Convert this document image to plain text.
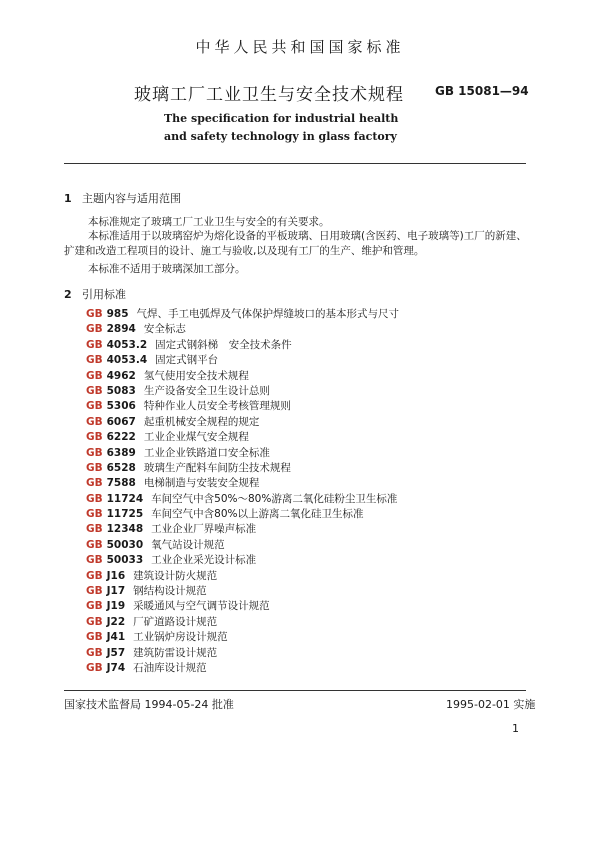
中华人民共和国国家标准
玻璃工厂工业卫生与安全技术规程	GB 15081—94
The specification for industrial health
and safety technology in glass factory
1 主题内容与适用范围
本标准规定了玻璃工厂工业卫生与安全的有关要求。
本标准适用于以玻璃窑炉为熔化设备的平板玻璃、日用玻璃(含医药、电子玻璃等)工厂的新建、扩建和改造工程项目的设计、施工与验收,以及现有工厂的生产、维护和管理。
本标准不适用于玻璃深加工部分。
2 引用标准
GB 985 气焊、手工电弧焊及气体保护焊缝坡口的基本形式与尺寸
GB 2894 安全标志
GB 4053.2 固定式钢斜梯　安全技术条件
GB 4053.4 固定式钢平台
GB 4962 氢气使用安全技术规程
GB 5083 生产设备安全卫生设计总则
GB 5306 特种作业人员安全考核管理规则
GB 6067 起重机械安全规程的规定
GB 6222 工业企业煤气安全规程
GB 6389 工业企业铁路道口安全标准
GB 6528 玻璃生产配料车间防尘技术规程
GB 7588 电梯制造与安装安全规程
GB 11724 车间空气中含50%～80%游离二氧化硅粉尘卫生标准
GB 11725 车间空气中含80%以上游离二氧化硅卫生标准
GB 12348 工业企业厂界噪声标准
GB 50030 氧气站设计规范
GB 50033 工业企业采光设计标准
GB J16 建筑设计防火规范
GB J17 钢结构设计规范
GB J19 采暖通风与空气调节设计规范
GB J22 厂矿道路设计规范
GB J41 工业锅炉房设计规范
GB J57 建筑防雷设计规范
GB J74 石油库设计规范
国家技术监督局 1994-05-24 批准	1995-02-01 实施
1
